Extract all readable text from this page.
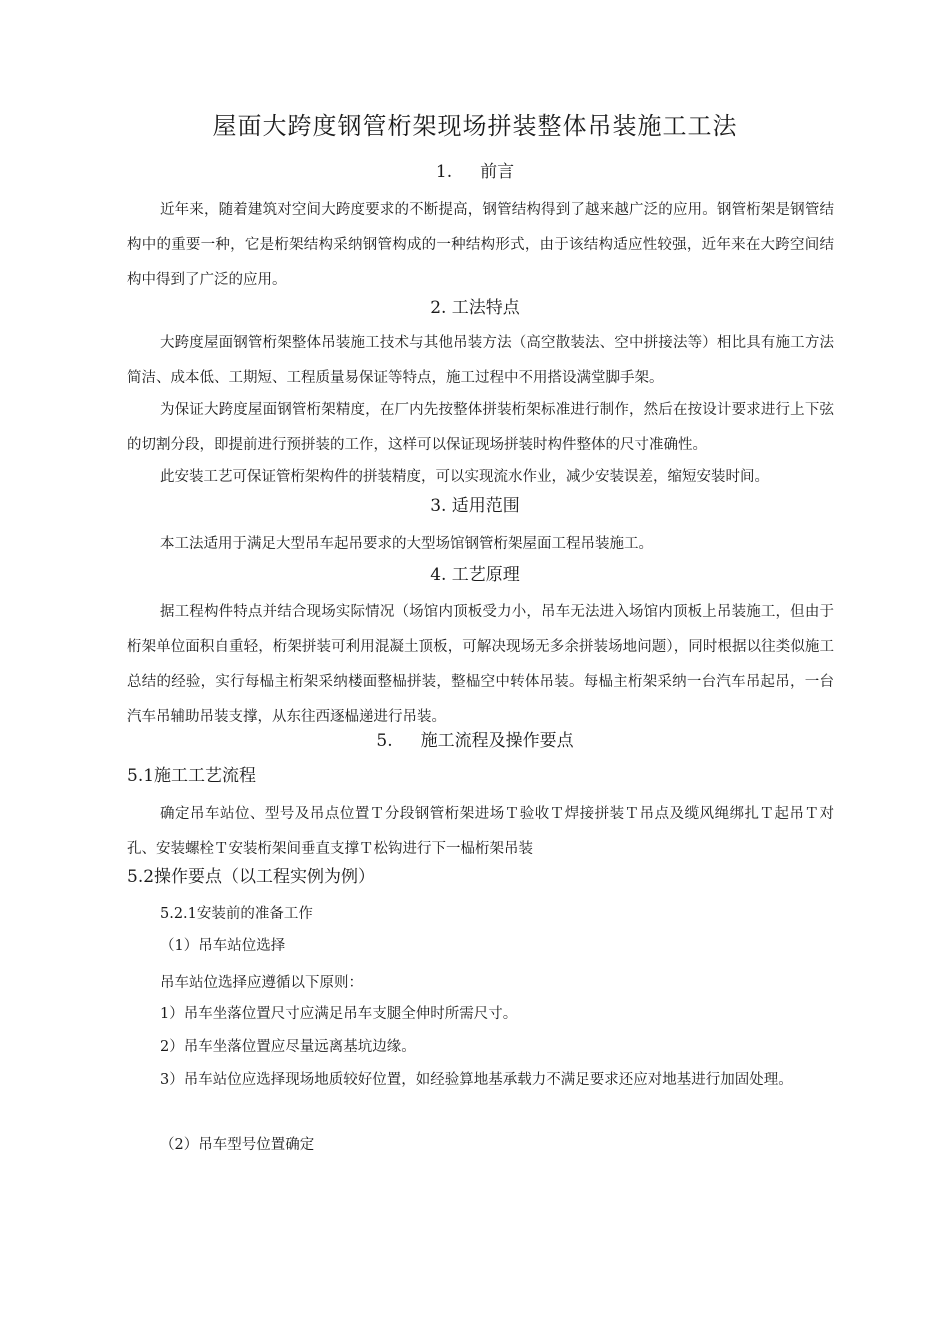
屋面大跨度钢管桁架现场拼装整体吊装施工工法
1. 前言
近年来，随着建筑对空间大跨度要求的不断提高，钢管结构得到了越来越广泛的应用。钢管桁架是钢管结构中的重要一种，它是桁架结构采纳钢管构成的一种结构形式，由于该结构适应性较强，近年来在大跨空间结构中得到了广泛的应用。
2. 工法特点
大跨度屋面钢管桁架整体吊装施工技术与其他吊装方法（高空散装法、空中拼接法等）相比具有施工方法简洁、成本低、工期短、工程质量易保证等特点，施工过程中不用搭设满堂脚手架。
为保证大跨度屋面钢管桁架精度，在厂内先按整体拼装桁架标准进行制作，然后在按设计要求进行上下弦的切割分段，即提前进行预拼装的工作，这样可以保证现场拼装时构件整体的尺寸准确性。
此安装工艺可保证管桁架构件的拼装精度，可以实现流水作业，减少安装误差，缩短安装时间。
3. 适用范围
本工法适用于满足大型吊车起吊要求的大型场馆钢管桁架屋面工程吊装施工。
4. 工艺原理
据工程构件特点并结合现场实际情况（场馆内顶板受力小，吊车无法进入场馆内顶板上吊装施工，但由于桁架单位面积自重轻，桁架拼装可利用混凝土顶板，可解决现场无多余拼装场地问题），同时根据以往类似施工总结的经验，实行每榀主桁架采纳楼面整榀拼装，整榀空中转体吊装。每榀主桁架采纳一台汽车吊起吊，一台汽车吊辅助吊装支撑，从东往西逐榀递进行吊装。
5. 施工流程及操作要点
5.1施工工艺流程
确定吊车站位、型号及吊点位置Ｔ分段钢管桁架进场Ｔ验收Ｔ焊接拼装Ｔ吊点及缆风绳绑扎Ｔ起吊Ｔ对孔、安装螺栓Ｔ安装桁架间垂直支撑Ｔ松钩进行下一榀桁架吊装
5.2操作要点（以工程实例为例）
5.2.1安装前的准备工作
（1）吊车站位选择
吊车站位选择应遵循以下原则：
1）吊车坐落位置尺寸应满足吊车支腿全伸时所需尺寸。
2）吊车坐落位置应尽量远离基坑边缘。
3）吊车站位应选择现场地质较好位置，如经验算地基承载力不满足要求还应对地基进行加固处理。
（2）吊车型号位置确定
